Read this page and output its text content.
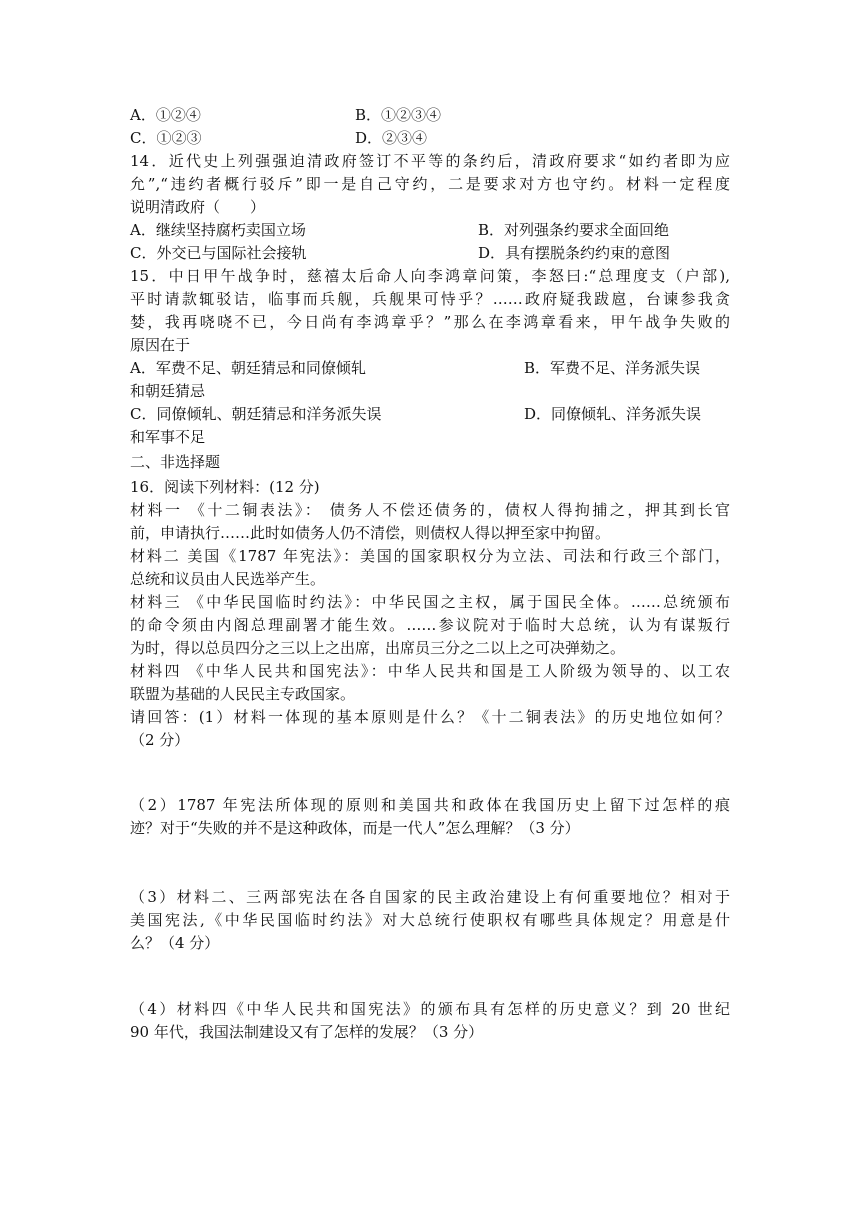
A．①②④	B．①②③④
C．①②③	D．②③④
14．近代史上列强强迫清政府签订不平等的条约后，清政府要求“如约者即为应
允”,“违约者概行驳斥”即一是自己守约，二是要求对方也守约。材料一定程度
说明清政府（　　）
A．继续坚持腐朽卖国立场	B．对列强条约要求全面回绝
C．外交已与国际社会接轨	D．具有摆脱条约约束的意图
15．中日甲午战争时，慈禧太后命人向李鸿章问策，李怒曰:“总理度支（户部),
平时请款辄驳诘，临事而兵舰，兵舰果可恃乎？……政府疑我跋扈，台谏参我贪
婪，我再哓哓不已，今日尚有李鸿章乎？”那么在李鸿章看来，甲午战争失败的
原因在于
A．军费不足、朝廷猜忌和同僚倾轧	B．军费不足、洋务派失误
和朝廷猜忌
C．同僚倾轧、朝廷猜忌和洋务派失误	D．同僚倾轧、洋务派失误
和军事不足
二、非选择题
16．阅读下列材料：(12 分)
材料一 《十二铜表法》： 债务人不偿还债务的，债权人得拘捕之，押其到长官
前，申请执行……此时如债务人仍不清偿，则债权人得以押至家中拘留。
材料二 美国《1787 年宪法》：美国的国家职权分为立法、司法和行政三个部门，
总统和议员由人民选举产生。
材料三 《中华民国临时约法》：中华民国之主权，属于国民全体。……总统颁布
的命令须由内阁总理副署才能生效。……参议院对于临时大总统，认为有谋叛行
为时，得以总员四分之三以上之出席，出席员三分之二以上之可决弹劾之。
材料四 《中华人民共和国宪法》：中华人民共和国是工人阶级为领导的、以工农
联盟为基础的人民民主专政国家。
请回答：(1）材料一体现的基本原则是什么？《十二铜表法》的历史地位如何？
（2 分）
（2）1787 年宪法所体现的原则和美国共和政体在我国历史上留下过怎样的痕
迹？对于“失败的并不是这种政体，而是一代人”怎么理解？（3 分）
（3）材料二、三两部宪法在各自国家的民主政治建设上有何重要地位？相对于
美国宪法,《中华民国临时约法》对大总统行使职权有哪些具体规定？用意是什
么？（4 分）
（4）材料四《中华人民共和国宪法》的颁布具有怎样的历史意义？到 20 世纪
90 年代，我国法制建设又有了怎样的发展？（3 分）
